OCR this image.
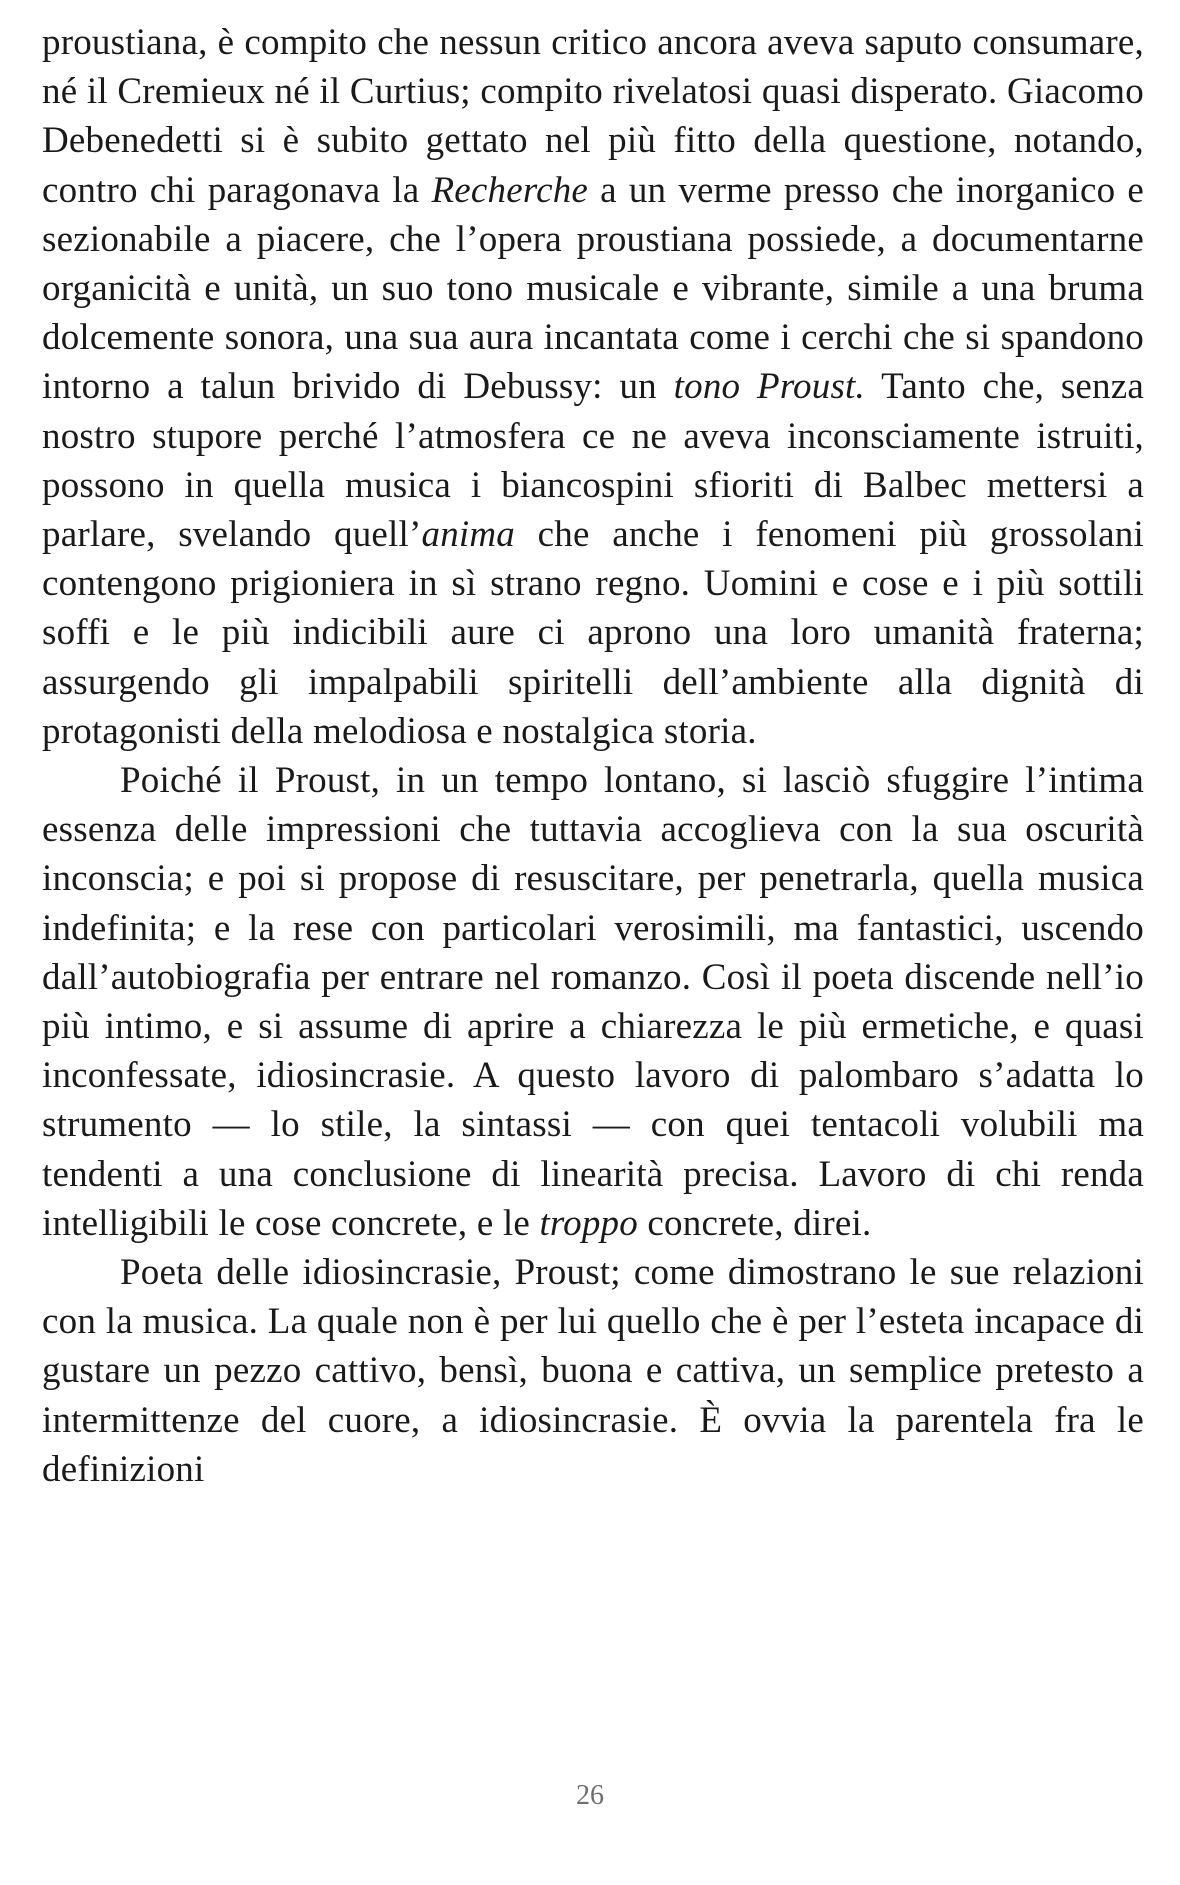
proustiana, è compito che nessun critico ancora aveva saputo consumare, né il Cremieux né il Curtius; compito rivelatosi quasi disperato. Giacomo Debenedetti si è subito gettato nel più fitto della questione, notando, contro chi paragonava la Recherche a un verme presso che inorganico e sezionabile a piacere, che l’opera proustiana possiede, a documentarne organicità e unità, un suo tono musicale e vibrante, simile a una bruma dolcemente sonora, una sua aura incantata come i cerchi che si spandono intorno a talun brivido di Debussy: un tono Proust. Tanto che, senza nostro stupore perché l’atmosfera ce ne aveva inconsciamente istruiti, possono in quella musica i biancospini sfioriti di Balbec mettersi a parlare, svelando quell’anima che anche i fenomeni più grossolani contengono prigioniera in sì strano regno. Uomini e cose e i più sottili soffi e le più indicibili aure ci aprono una loro umanità fraterna; assurgendo gli impalpabili spiritelli dell’ambiente alla dignità di protagonisti della melodiosa e nostalgica storia.

Poiché il Proust, in un tempo lontano, si lasciò sfuggire l’intima essenza delle impressioni che tuttavia accoglieva con la sua oscurità inconscia; e poi si propose di resuscitare, per penetrarla, quella musica indefinita; e la rese con particolari verosimili, ma fantastici, uscendo dall’autobiografia per entrare nel romanzo. Così il poeta discende nell’io più intimo, e si assume di aprire a chiarezza le più ermetiche, e quasi inconfessate, idiosincrasie. A questo lavoro di palombaro s’adatta lo strumento — lo stile, la sintassi — con quei tentacoli volubili ma tendenti a una conclusione di linearità precisa. Lavoro di chi renda intelligibili le cose concrete, e le troppo concrete, direi.

Poeta delle idiosincrasie, Proust; come dimostrano le sue relazioni con la musica. La quale non è per lui quello che è per l’esteta incapace di gustare un pezzo cattivo, bensì, buona e cattiva, un semplice pretesto a intermittenze del cuore, a idiosincrasie. È ovvia la parentela fra le definizioni

26
